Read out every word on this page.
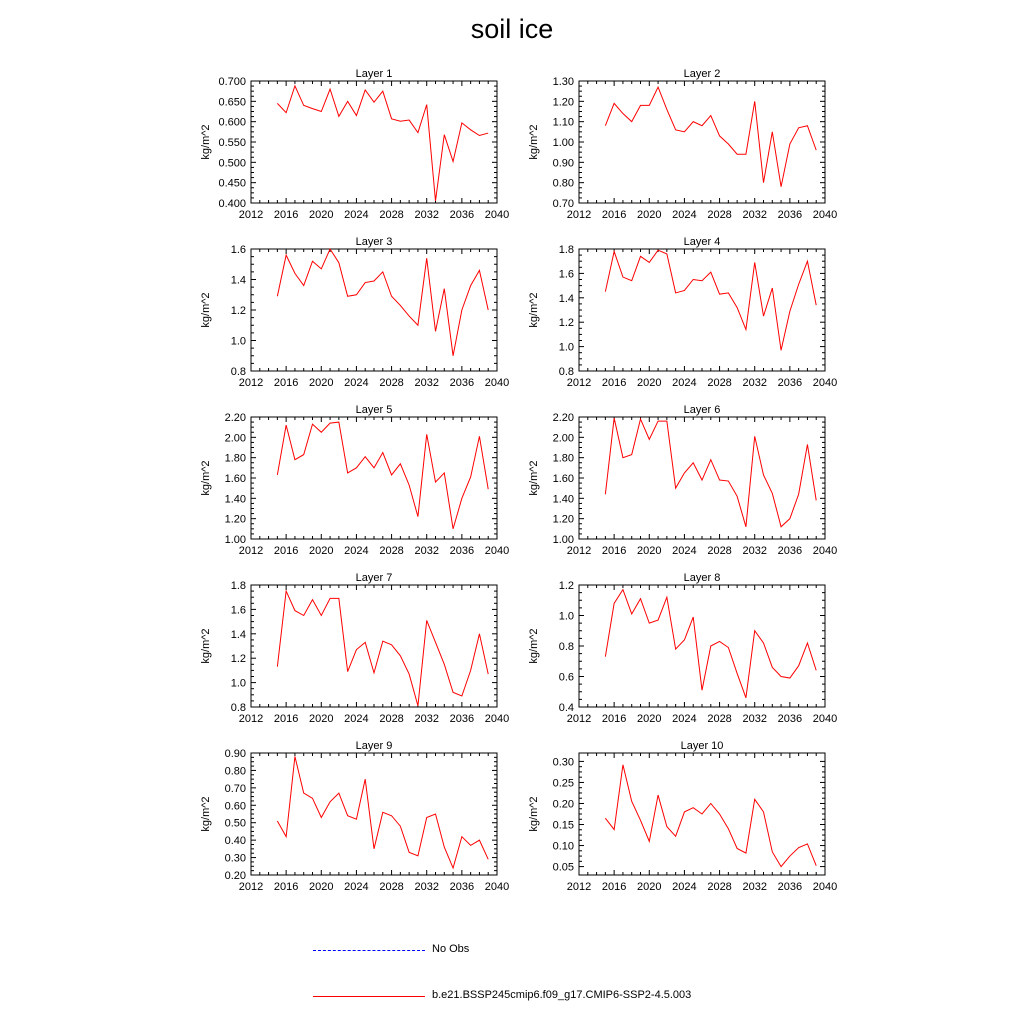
soil ice
Layer 1
2012 2016 2020 2024 2028 2032 2036 2040
0.400
0.450
0.500
0.550
0.600
0.650
0.700
kg/m^2
Layer 2
2012 2016 2020 2024 2028 2032 2036 2040
0.70
0.80
0.90
1.00
1.10
1.20
1.30
kg/m^2
Layer 3
2012 2016 2020 2024 2028 2032 2036 2040
0.8
1.0
1.2
1.4
1.6
kg/m^2
Layer 4
2012 2016 2020 2024 2028 2032 2036 2040
0.8
1.0
1.2
1.4
1.6
1.8
kg/m^2
Layer 5
2012 2016 2020 2024 2028 2032 2036 2040
1.00
1.20
1.40
1.60
1.80
2.00
2.20
kg/m^2
Layer 6
2012 2016 2020 2024 2028 2032 2036 2040
1.00
1.20
1.40
1.60
1.80
2.00
2.20
kg/m^2
Layer 7
2012 2016 2020 2024 2028 2032 2036 2040
0.8
1.0
1.2
1.4
1.6
1.8
kg/m^2
Layer 8
2012 2016 2020 2024 2028 2032 2036 2040
0.4
0.6
0.8
1.0
1.2
kg/m^2
Layer 9
2012 2016 2020 2024 2028 2032 2036 2040
0.20
0.30
0.40
0.50
0.60
0.70
0.80
0.90
kg/m^2
Layer 10
2012 2016 2020 2024 2028 2032 2036 2040
0.05
0.10
0.15
0.20
0.25
0.30
kg/m^2
No Obs
b.e21.BSSP245cmip6.f09_g17.CMIP6-SSP2-4.5.003
